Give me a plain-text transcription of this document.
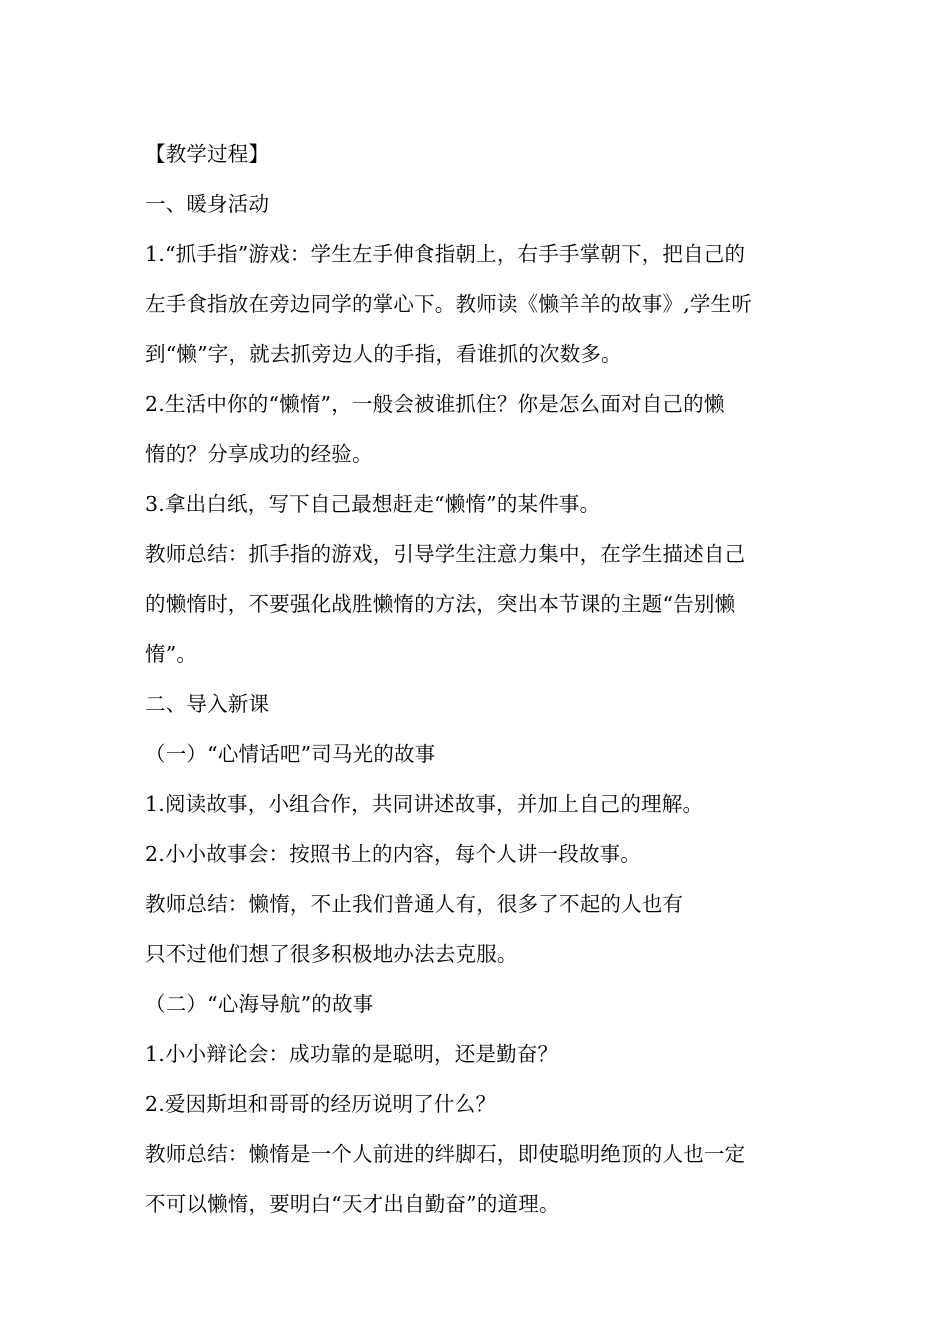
【教学过程】
一、暖身活动
1.“抓手指”游戏：学生左手伸食指朝上，右手手掌朝下，把自己的
左手食指放在旁边同学的掌心下。教师读《懒羊羊的故事》,学生听
到“懒”字，就去抓旁边人的手指，看谁抓的次数多。
2.生活中你的“懒惰”，一般会被谁抓住？你是怎么面对自己的懒
惰的？分享成功的经验。
3.拿出白纸，写下自己最想赶走“懒惰”的某件事。
教师总结：抓手指的游戏，引导学生注意力集中，在学生描述自己
的懒惰时，不要强化战胜懒惰的方法，突出本节课的主题“告别懒
惰”。
二、导入新课
（一）“心情话吧”司马光的故事
1.阅读故事，小组合作，共同讲述故事，并加上自己的理解。
2.小小故事会：按照书上的内容，每个人讲一段故事。
教师总结：懒惰，不止我们普通人有，很多了不起的人也有
只不过他们想了很多积极地办法去克服。
（二）“心海导航”的故事
1.小小辩论会：成功靠的是聪明，还是勤奋？
2.爱因斯坦和哥哥的经历说明了什么？
教师总结：懒惰是一个人前进的绊脚石，即使聪明绝顶的人也一定
不可以懒惰，要明白“天才出自勤奋”的道理。
